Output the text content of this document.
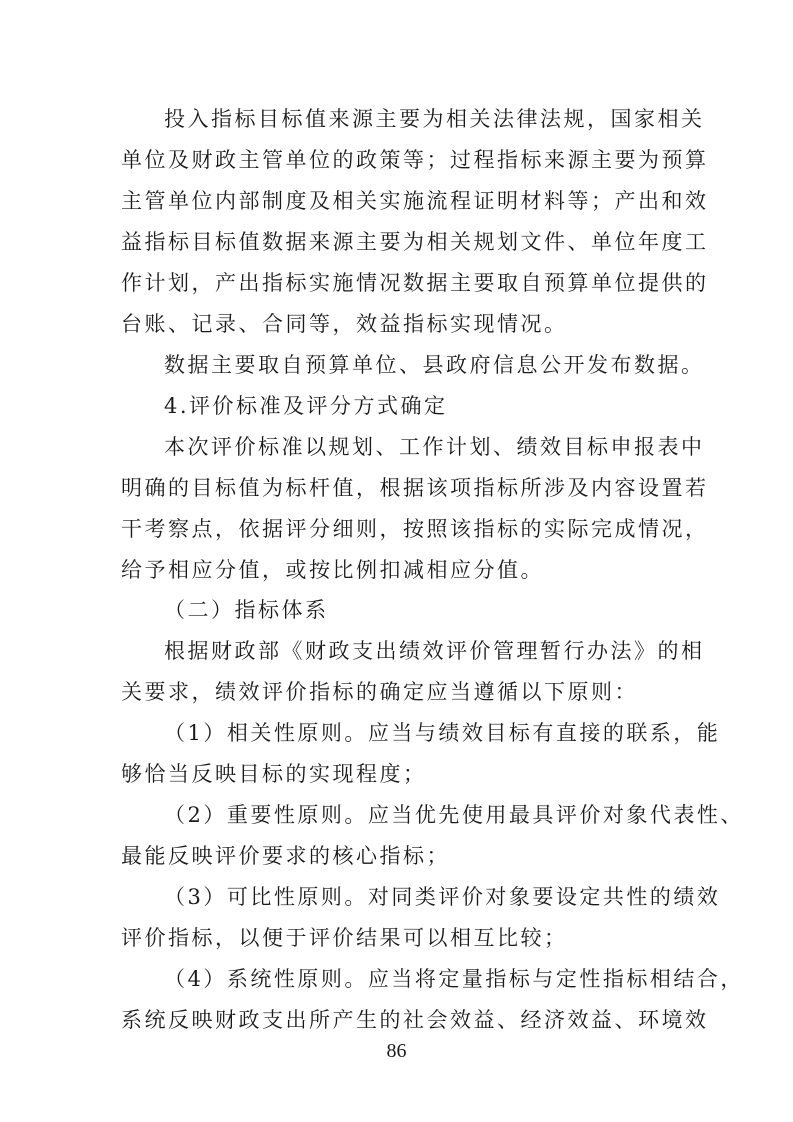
投入指标目标值来源主要为相关法律法规，国家相关
单位及财政主管单位的政策等；过程指标来源主要为预算
主管单位内部制度及相关实施流程证明材料等；产出和效
益指标目标值数据来源主要为相关规划文件、单位年度工
作计划，产出指标实施情况数据主要取自预算单位提供的
台账、记录、合同等，效益指标实现情况。
数据主要取自预算单位、县政府信息公开发布数据。
4.评价标准及评分方式确定
本次评价标准以规划、工作计划、绩效目标申报表中
明确的目标值为标杆值，根据该项指标所涉及内容设置若
干考察点，依据评分细则，按照该指标的实际完成情况，
给予相应分值，或按比例扣减相应分值。
（二）指标体系
根据财政部《财政支出绩效评价管理暂行办法》的相
关要求，绩效评价指标的确定应当遵循以下原则：
（1）相关性原则。应当与绩效目标有直接的联系，能
够恰当反映目标的实现程度；
（2）重要性原则。应当优先使用最具评价对象代表性、
最能反映评价要求的核心指标；
（3）可比性原则。对同类评价对象要设定共性的绩效
评价指标，以便于评价结果可以相互比较；
（4）系统性原则。应当将定量指标与定性指标相结合，
系统反映财政支出所产生的社会效益、经济效益、环境效
86
